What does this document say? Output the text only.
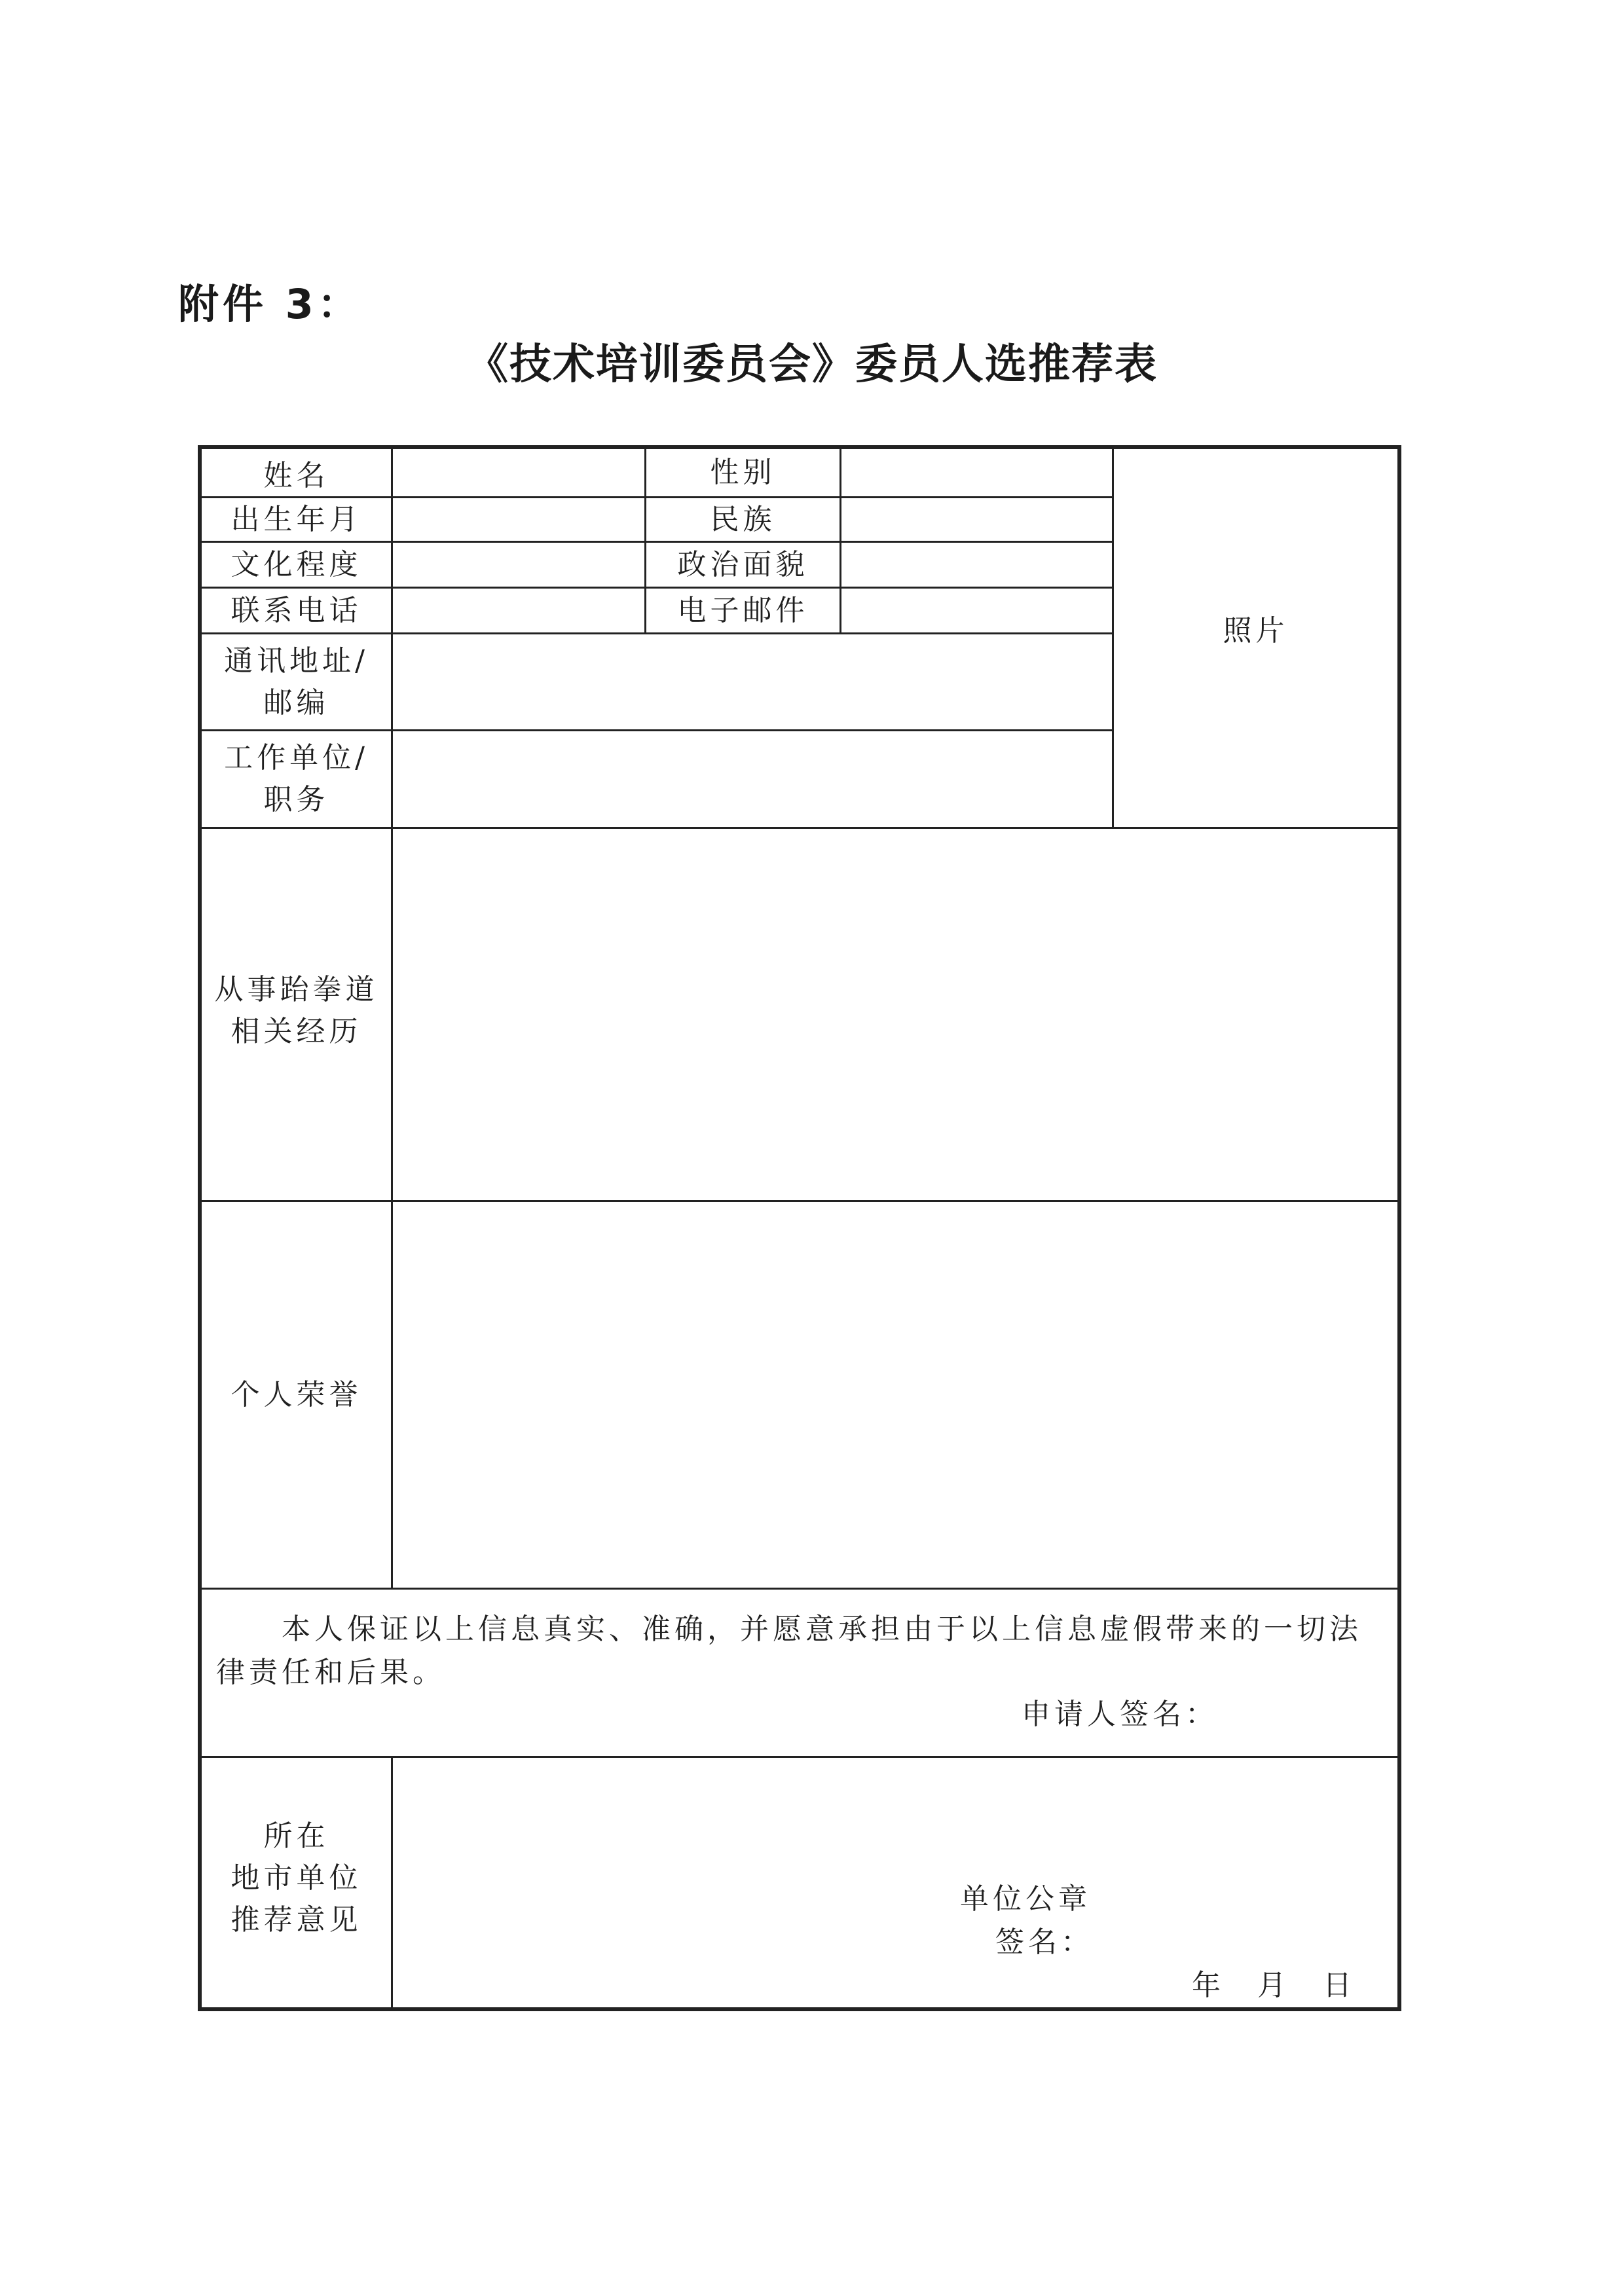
附件 3：
《技术培训委员会》委员人选推荐表
姓名
出生年月
文化程度
联系电话
通讯地址/
邮编
工作单位/
职务
性别
民族
政治面貌
电子邮件
照片
从事跆拳道
相关经历
个人荣誉
本人保证以上信息真实、准确，并愿意承担由于以上信息虚假带来的一切法律责任和后果。
申请人签名：
所在
地市单位
推荐意见
单位公章
签名：
年 月 日
